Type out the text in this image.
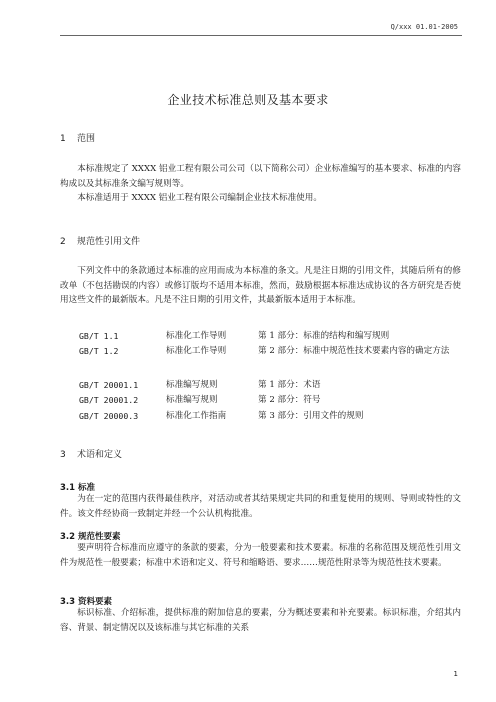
Q/xxx 01.01-2005
企业技术标准总则及基本要求
1 范围

本标准规定了 XXXX 铝业工程有限公司公司（以下简称公司）企业标准编写的基本要求、标准的内容构成以及其标准条文编写规则等。

本标准适用于 XXXX 铝业工程有限公司编制企业技术标准使用。

2 规范性引用文件

下列文件中的条款通过本标准的应用而成为本标准的条文。凡是注日期的引用文件，其随后所有的修改单（不包括勘误的内容）或修订版均不适用本标准，然而，鼓励根据本标准达成协议的各方研究是否使用这些文件的最新版本。凡是不注日期的引用文件，其最新版本适用于本标准。

GB/T 1.1	标准化工作导则	第 1 部分：标准的结构和编写规则
GB/T 1.2	标准化工作导则	第 2 部分：标准中规范性技术要素内容的确定方法
GB/T 20001.1	标准编写规则	第 1 部分：术语
GB/T 20001.2	标准编写规则	第 2 部分：符号
GB/T 20000.3	标准化工作指南	第 3 部分：引用文件的规则
3 术语和定义
3.1 标准

为在一定的范围内获得最佳秩序，对活动或者其结果规定共同的和重复使用的规则、导则或特性的文件。该文件经协商一致制定并经一个公认机构批准。

3.2 规范性要素

要声明符合标准而应遵守的条款的要素，分为一般要素和技术要素。标准的名称范围及规范性引用文件为规范性一般要素；标准中术语和定义、符号和缩略语、要求……规范性附录等为规范性技术要素。

3.3 资料要素

标识标准、介绍标准，提供标准的附加信息的要素，分为概述要素和补充要素。标识标准，介绍其内容、背景、制定情况以及该标准与其它标准的关系

1
